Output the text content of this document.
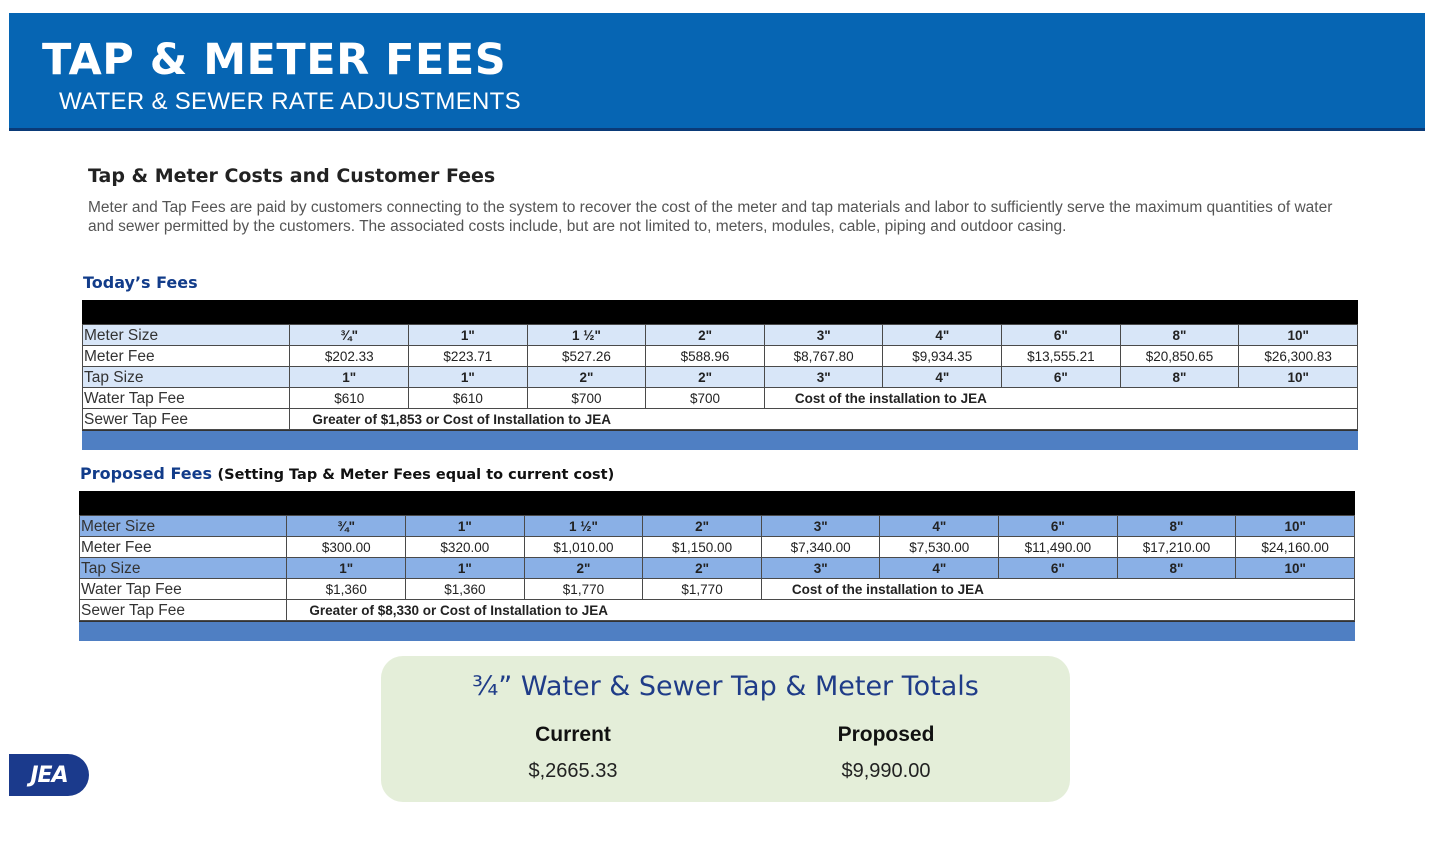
TAP & METER FEES
WATER & SEWER RATE ADJUSTMENTS
Tap & Meter Costs and Customer Fees

Meter and Tap Fees are paid by customers connecting to the system to recover the cost of the meter and tap materials and labor to sufficiently serve the maximum quantities of water and sewer permitted by the customers. The associated costs include, but are not limited to, meters, modules, cable, piping and outdoor casing.

Today’s Fees
Meter Size	¾"	1"	1 ½"	2"	3"	4"	6"	8"	10"
Meter Fee	$202.33	$223.71	$527.26	$588.96	$8,767.80	$9,934.35	$13,555.21	$20,850.65	$26,300.83
Tap Size	1"	1"	2"	2"	3"	4"	6"	8"	10"
Water Tap Fee	$610	$610	$700	$700	Cost of the installation to JEA				
Sewer Tap Fee	Greater of $1,853 or Cost of Installation to JEA								
Proposed Fees (Setting Tap & Meter Fees equal to current cost)
Meter Size	¾"	1"	1 ½"	2"	3"	4"	6"	8"	10"
Meter Fee	$300.00	$320.00	$1,010.00	$1,150.00	$7,340.00	$7,530.00	$11,490.00	$17,210.00	$24,160.00
Tap Size	1"	1"	2"	2"	3"	4"	6"	8"	10"
Water Tap Fee	$1,360	$1,360	$1,770	$1,770	Cost of the installation to JEA				
Sewer Tap Fee	Greater of $8,330 or Cost of Installation to JEA								
¾” Water & Sewer Tap & Meter Totals
Current	Proposed
$,2665.33	$9,990.00
JEA
